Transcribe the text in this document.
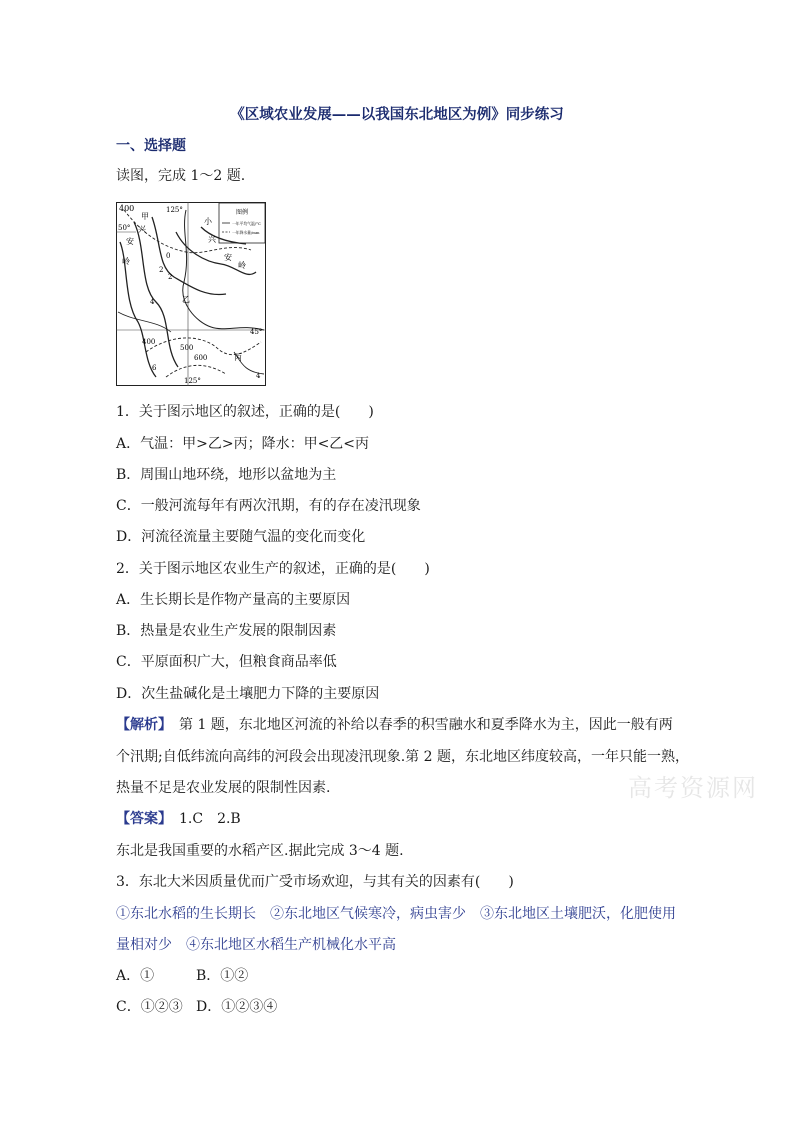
《区域农业发展——以我国东北地区为例》同步练习
一、选择题
读图，完成 1～2 题.
图例
一年平均气温/°C
一年降水量/mm
400
甲
125°
兴
50°
安
岭
0
2
2
4	乙
小
兴
安
岭
45°
400
500
600	丙
4
125°
6
1．关于图示地区的叙述，正确的是(　　)
A．气温：甲>乙>丙；降水：甲<乙<丙
B．周围山地环绕，地形以盆地为主
C．一般河流每年有两次汛期，有的存在凌汛现象
D．河流径流量主要随气温的变化而变化
2．关于图示地区农业生产的叙述，正确的是(　　)
A．生长期长是作物产量高的主要原因
B．热量是农业生产发展的限制因素
C．平原面积广大，但粮食商品率低
D．次生盐碱化是土壤肥力下降的主要原因
【解析】　第 1 题，东北地区河流的补给以春季的积雪融水和夏季降水为主，因此一般有两
个汛期;自低纬流向高纬的河段会出现凌汛现象.第 2 题，东北地区纬度较高，一年只能一熟，
热量不足是农业发展的限制性因素.	高考资源网
【答案】　1.C　2.B
东北是我国重要的水稻产区.据此完成 3～4 题.
3．东北大米因质量优而广受市场欢迎，与其有关的因素有(　　)
①东北水稻的生长期长　②东北地区气候寒冷，病虫害少　③东北地区土壤肥沃，化肥使用
量相对少　④东北地区水稻生产机械化水平高
A．①	B．①②
C．①②③ D．①②③④
